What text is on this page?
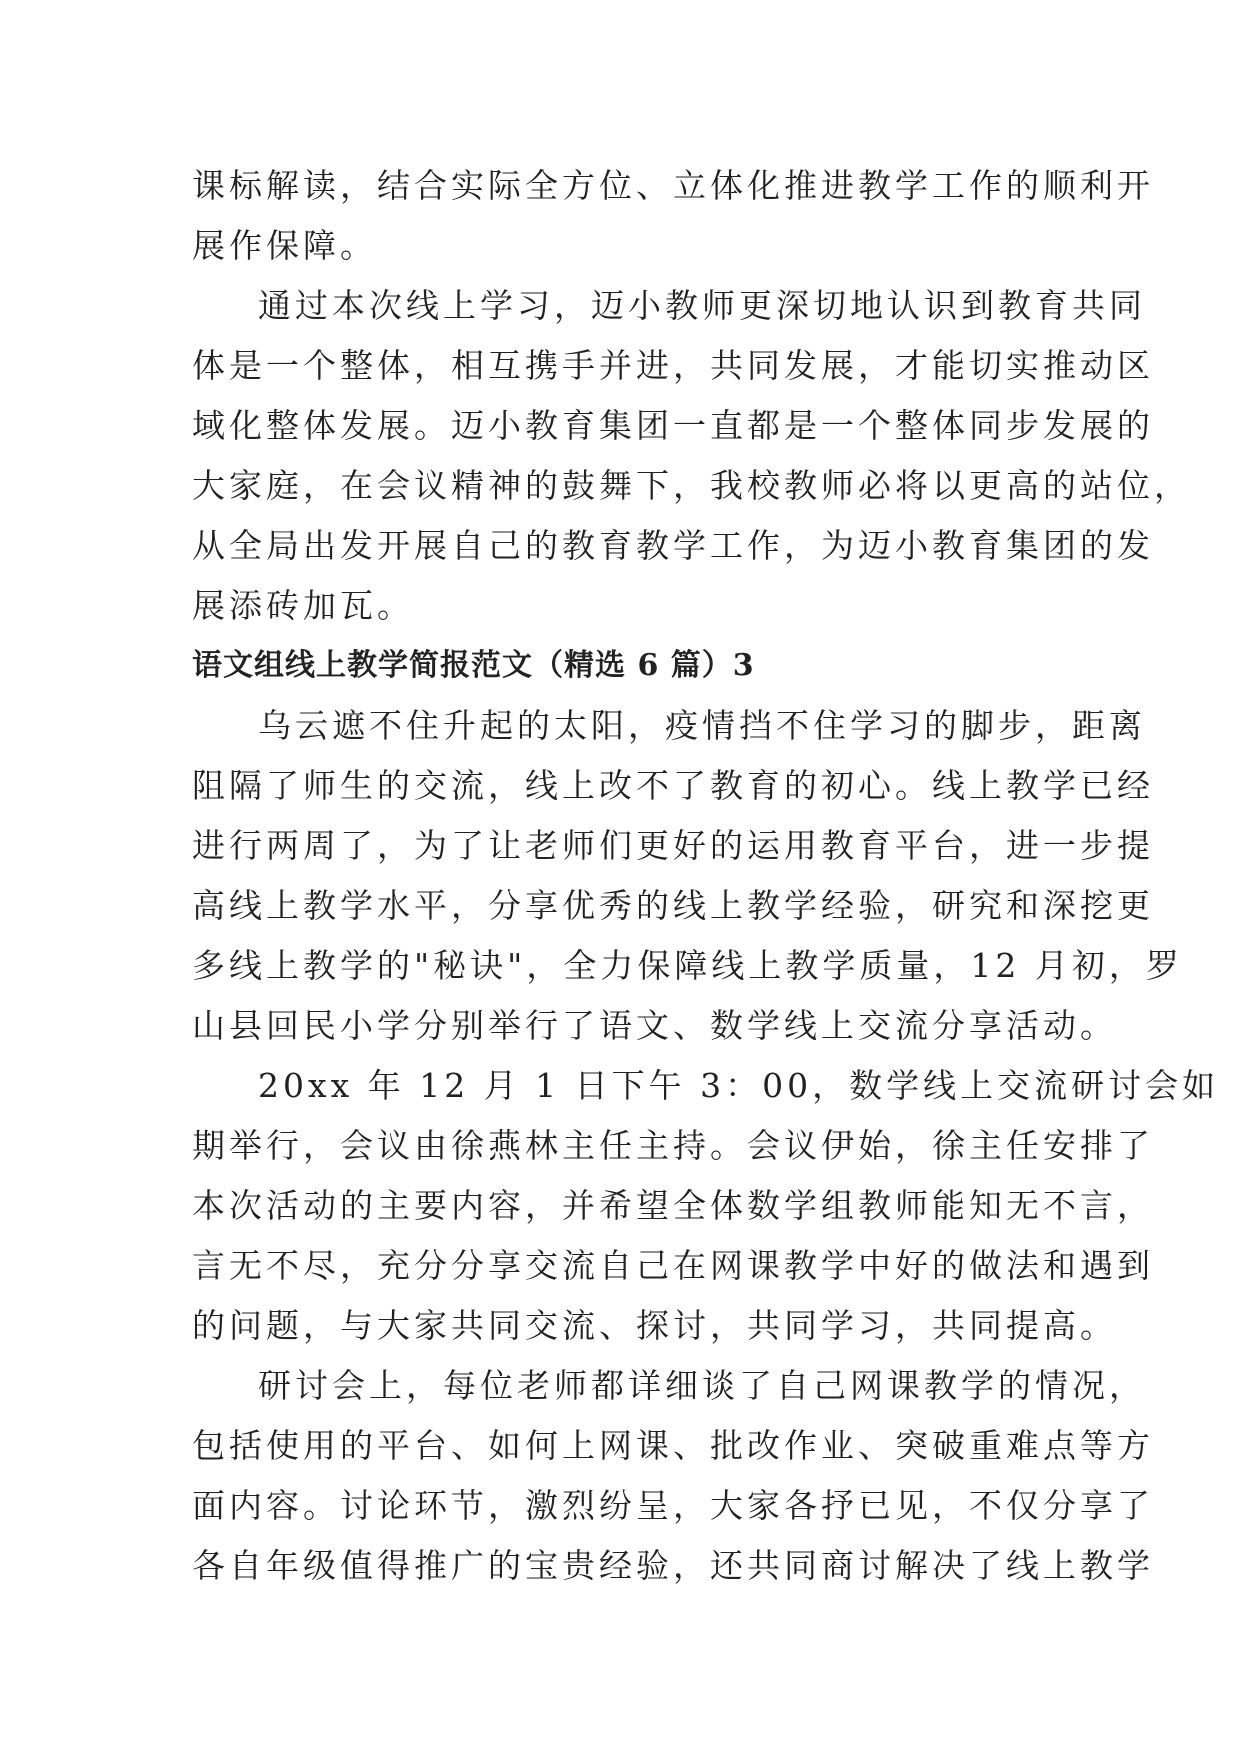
课标解读，结合实际全方位、立体化推进教学工作的顺利开
展作保障。

通过本次线上学习，迈小教师更深切地认识到教育共同
体是一个整体，相互携手并进，共同发展，才能切实推动区
域化整体发展。迈小教育集团一直都是一个整体同步发展的
大家庭，在会议精神的鼓舞下，我校教师必将以更高的站位，
从全局出发开展自己的教育教学工作，为迈小教育集团的发
展添砖加瓦。

语文组线上教学简报范文（精选 6 篇）3

乌云遮不住升起的太阳，疫情挡不住学习的脚步，距离
阻隔了师生的交流，线上改不了教育的初心。线上教学已经
进行两周了，为了让老师们更好的运用教育平台，进一步提
高线上教学水平，分享优秀的线上教学经验，研究和深挖更
多线上教学的"秘诀"，全力保障线上教学质量，12 月初，罗
山县回民小学分别举行了语文、数学线上交流分享活动。

20xx 年 12 月 1 日下午 3：00，数学线上交流研讨会如
期举行，会议由徐燕林主任主持。会议伊始，徐主任安排了
本次活动的主要内容，并希望全体数学组教师能知无不言，
言无不尽，充分分享交流自己在网课教学中好的做法和遇到
的问题，与大家共同交流、探讨，共同学习，共同提高。

研讨会上，每位老师都详细谈了自己网课教学的情况，
包括使用的平台、如何上网课、批改作业、突破重难点等方
面内容。讨论环节，激烈纷呈，大家各抒已见，不仅分享了
各自年级值得推广的宝贵经验，还共同商讨解决了线上教学
